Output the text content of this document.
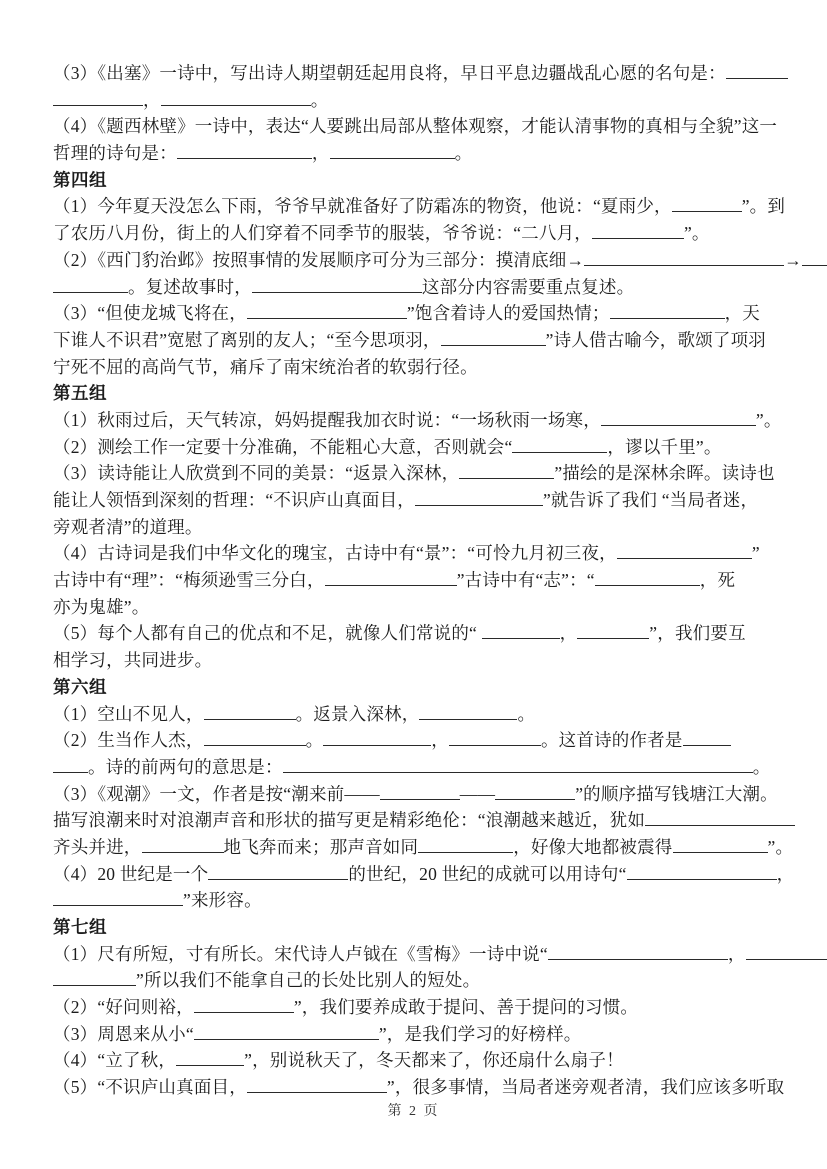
（3）《出塞》一诗中，写出诗人期望朝廷起用良将，早日平息边疆战乱心愿的名句是：
，	。
（4）《题西林壁》一诗中，表达“人要跳出局部从整体观察，才能认清事物的真相与全貌”这一
哲理的诗句是：	，	。
第四组
（1）今年夏天没怎么下雨，爷爷早就准备好了防霜冻的物资，他说：“夏雨少，	”。到
了农历八月份，街上的人们穿着不同季节的服装，爷爷说：“二八月，	”。
（2）《西门豹治邺》按照事情的发展顺序可分为三部分：摸清底细→	→
。复述故事时，	这部分内容需要重点复述。
（3）“但使龙城飞将在，	”饱含着诗人的爱国热情；	，天
下谁人不识君”宽慰了离别的友人；“至今思项羽，	”诗人借古喻今，歌颂了项羽
宁死不屈的高尚气节，痛斥了南宋统治者的软弱行径。
第五组
（1）秋雨过后，天气转凉，妈妈提醒我加衣时说：“一场秋雨一场寒，	”。
（2）测绘工作一定要十分准确，不能粗心大意，否则就会“	，谬以千里”。
（3）读诗能让人欣赏到不同的美景：“返景入深林，	”描绘的是深林余晖。读诗也
能让人领悟到深刻的哲理：“不识庐山真面目，	”就告诉了我们 “当局者迷，
旁观者清”的道理。
（4）古诗词是我们中华文化的瑰宝，古诗中有“景”：“可怜九月初三夜，	”
古诗中有“理”：“梅须逊雪三分白，	”古诗中有“志”：“	，死
亦为鬼雄”。
（5）每个人都有自己的优点和不足，就像人们常说的“	，	”，我们要互
相学习，共同进步。
第六组
（1）空山不见人，	。返景入深林，	。
（2）生当作人杰，	。	，	。这首诗的作者是
。诗的前两句的意思是：	。
（3）《观潮》一文，作者是按“潮来前——	——	”的顺序描写钱塘江大潮。
描写浪潮来时对浪潮声音和形状的描写更是精彩绝伦：“浪潮越来越近，犹如
齐头并进，	地飞奔而来；那声音如同	，好像大地都被震得	”。
（4）20 世纪是一个	的世纪，20 世纪的成就可以用诗句“	，
”来形容。
第七组
（1）尺有所短，寸有所长。宋代诗人卢钺在《雪梅》一诗中说“	，
”所以我们不能拿自己的长处比别人的短处。
（2）“好问则裕，	”，我们要养成敢于提问、善于提问的习惯。
（3）周恩来从小“	”，是我们学习的好榜样。
（4）“立了秋，	”，别说秋天了，冬天都来了，你还扇什么扇子！
（5）“不识庐山真面目，	”，很多事情，当局者迷旁观者清，我们应该多听取
第 2 页
